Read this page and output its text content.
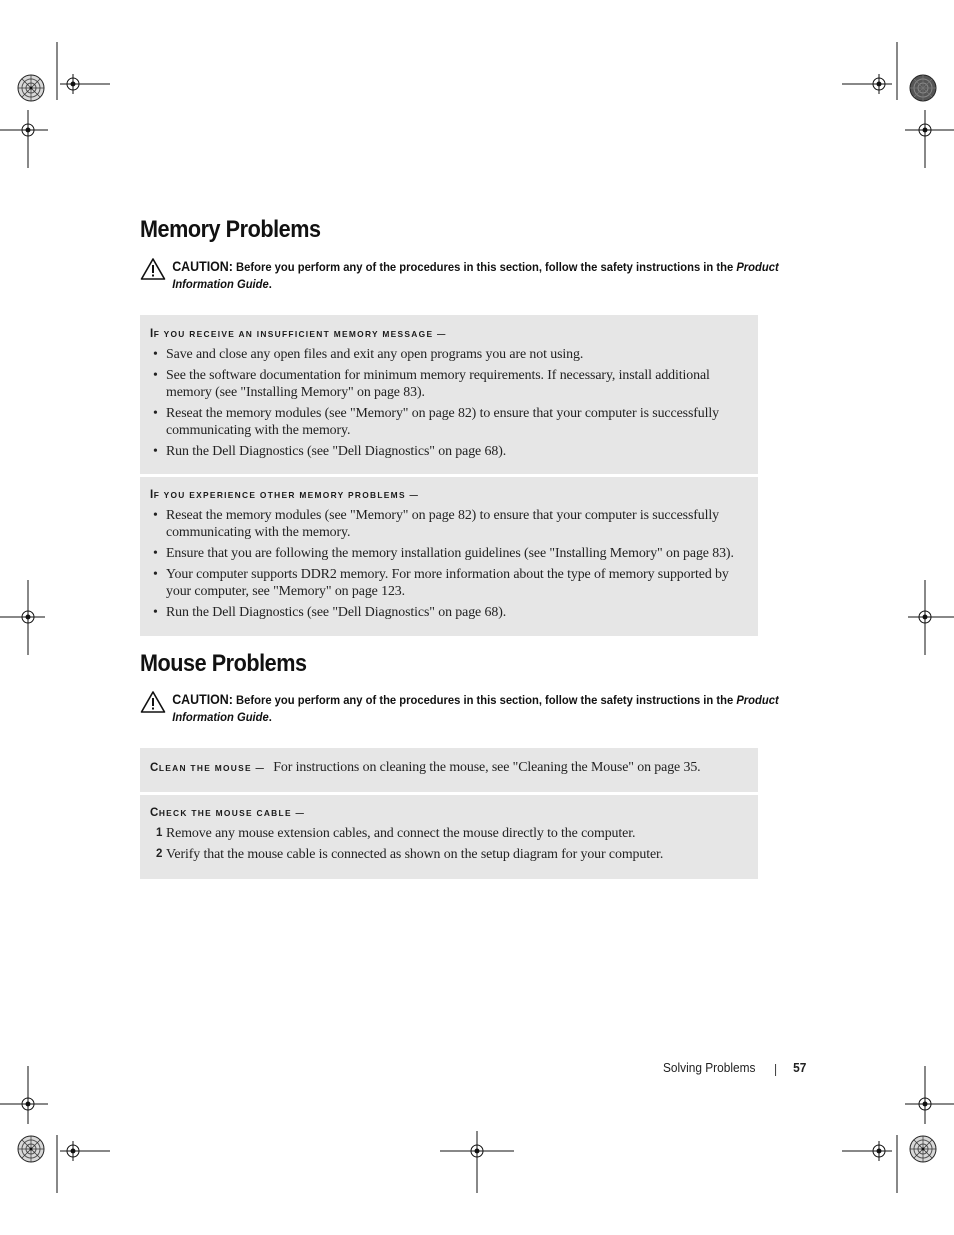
Memory Problems
CAUTION: Before you perform any of the procedures in this section, follow the safety instructions in the Product Information Guide.
IF YOU RECEIVE AN INSUFFICIENT MEMORY MESSAGE —
• Save and close any open files and exit any open programs you are not using.
• See the software documentation for minimum memory requirements. If necessary, install additional memory (see "Installing Memory" on page 83).
• Reseat the memory modules (see "Memory" on page 82) to ensure that your computer is successfully communicating with the memory.
• Run the Dell Diagnostics (see "Dell Diagnostics" on page 68).
IF YOU EXPERIENCE OTHER MEMORY PROBLEMS —
• Reseat the memory modules (see "Memory" on page 82) to ensure that your computer is successfully communicating with the memory.
• Ensure that you are following the memory installation guidelines (see "Installing Memory" on page 83).
• Your computer supports DDR2 memory. For more information about the type of memory supported by your computer, see "Memory" on page 123.
• Run the Dell Diagnostics (see "Dell Diagnostics" on page 68).
Mouse Problems
CAUTION: Before you perform any of the procedures in this section, follow the safety instructions in the Product Information Guide.
CLEAN THE MOUSE — For instructions on cleaning the mouse, see "Cleaning the Mouse" on page 35.
CHECK THE MOUSE CABLE —
1 Remove any mouse extension cables, and connect the mouse directly to the computer.
2 Verify that the mouse cable is connected as shown on the setup diagram for your computer.
Solving Problems	57
